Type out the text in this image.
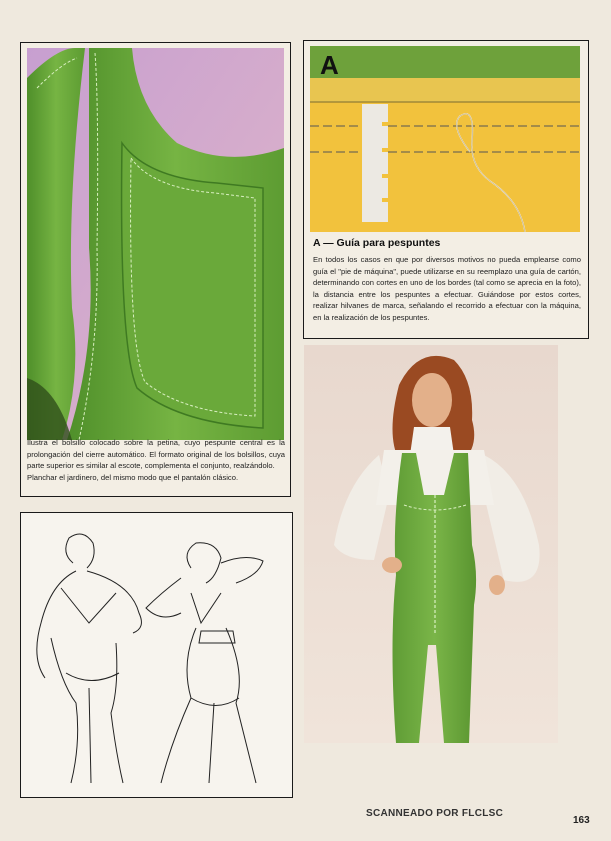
Ilustra el bolsillo colocado sobre la petina, cuyo pespunte central es la prolongación del cierre automático. El formato original de los bolsillos, cuya parte superior es similar al escote, complementa el conjunto, realzándolo.

Planchar el jardinero, del mismo modo que el pantalón clásico.

A
A — Guía para pespuntes

En todos los casos en que por diversos motivos no pueda emplearse como guía el "pie de máquina", puede utilizarse en su reemplazo una guía de cartón, determinando con cortes en uno de los bordes (tal como se aprecia en la foto), la distancia entre los pespuntes a efectuar. Guiándose por estos cortes, realizar hilvanes de marca, señalando el recorrido a efectuar con la máquina, en la realización de los pespuntes.

SCANNEADO POR FLCLSC
163
